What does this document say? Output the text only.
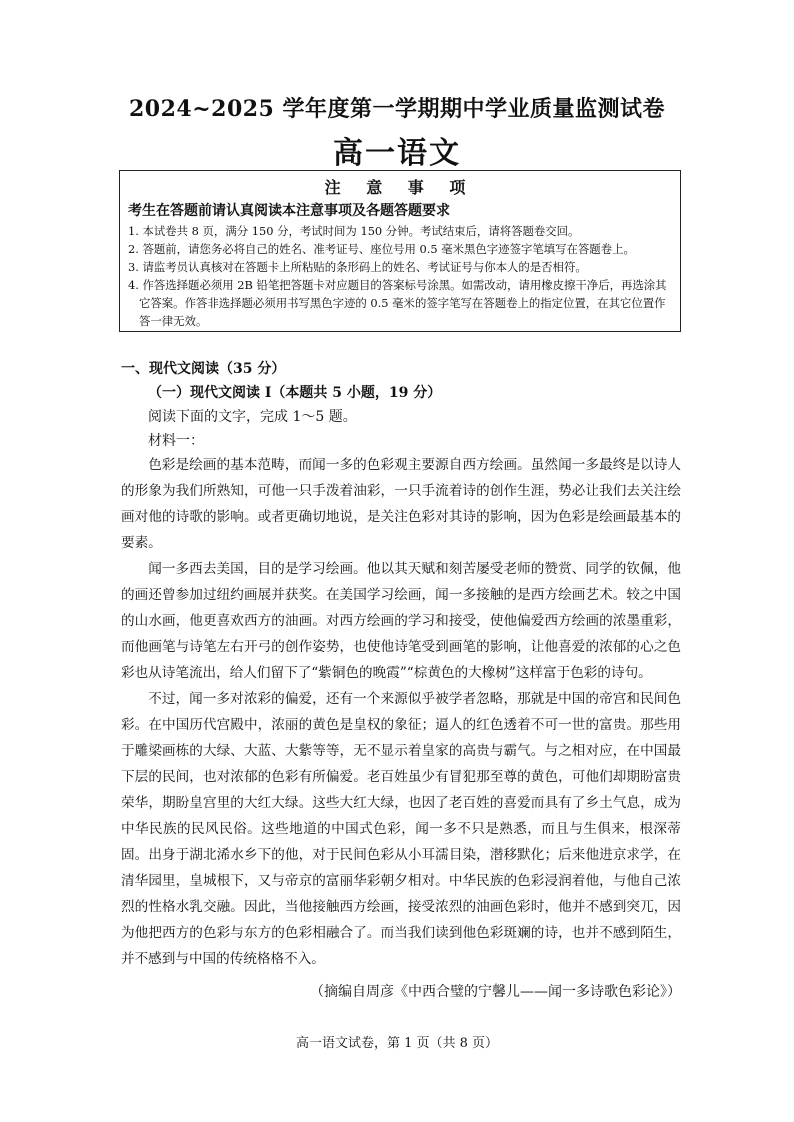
2024~2025 学年度第一学期期中学业质量监测试卷
高一语文
注 意 事 项
考生在答题前请认真阅读本注意事项及各题答题要求

1. 本试卷共 8 页，满分 150 分，考试时间为 150 分钟。考试结束后，请将答题卷交回。

2. 答题前，请您务必将自己的姓名、准考证号、座位号用 0.5 毫米黑色字迹签字笔填写在答题卷上。

3. 请监考员认真核对在答题卡上所粘贴的条形码上的姓名、考试证号与你本人的是否相符。

4. 作答选择题必须用 2B 铅笔把答题卡对应题目的答案标号涂黑。如需改动，请用橡皮擦干净后，再选涂其它答案。作答非选择题必须用书写黑色字迹的 0.5 毫米的签字笔写在答题卷上的指定位置，在其它位置作答一律无效。

一、现代文阅读（35 分）
（一）现代文阅读 I（本题共 5 小题，19 分）
阅读下面的文字，完成 1～5 题。
材料一：

色彩是绘画的基本范畴，而闻一多的色彩观主要源自西方绘画。虽然闻一多最终是以诗人的形象为我们所熟知，可他一只手泼着油彩，一只手流着诗的创作生涯，势必让我们去关注绘画对他的诗歌的影响。或者更确切地说，是关注色彩对其诗的影响，因为色彩是绘画最基本的要素。

闻一多西去美国，目的是学习绘画。他以其天赋和刻苦屡受老师的赞赏、同学的钦佩，他的画还曾参加过纽约画展并获奖。在美国学习绘画，闻一多接触的是西方绘画艺术。较之中国的山水画，他更喜欢西方的油画。对西方绘画的学习和接受，使他偏爱西方绘画的浓墨重彩，而他画笔与诗笔左右开弓的创作姿势，也使他诗笔受到画笔的影响，让他喜爱的浓郁的心之色彩也从诗笔流出，给人们留下了“紫铜色的晚霞”“棕黄色的大橡树”这样富于色彩的诗句。

不过，闻一多对浓彩的偏爱，还有一个来源似乎被学者忽略，那就是中国的帝宫和民间色彩。在中国历代宫殿中，浓丽的黄色是皇权的象征；逼人的红色透着不可一世的富贵。那些用于雕梁画栋的大绿、大蓝、大紫等等，无不显示着皇家的高贵与霸气。与之相对应，在中国最下层的民间，也对浓郁的色彩有所偏爱。老百姓虽少有冒犯那至尊的黄色，可他们却期盼富贵荣华，期盼皇宫里的大红大绿。这些大红大绿，也因了老百姓的喜爱而具有了乡土气息，成为中华民族的民风民俗。这些地道的中国式色彩，闻一多不只是熟悉，而且与生俱来，根深蒂固。出身于湖北浠水乡下的他，对于民间色彩从小耳濡目染，潜移默化；后来他进京求学，在清华园里，皇城根下，又与帝京的富丽华彩朝夕相对。中华民族的色彩浸润着他，与他自己浓烈的性格水乳交融。因此，当他接触西方绘画，接受浓烈的油画色彩时，他并不感到突兀，因为他把西方的色彩与东方的色彩相融合了。而当我们读到他色彩斑斓的诗，也并不感到陌生，并不感到与中国的传统格格不入。

（摘编自周彦《中西合璧的宁馨儿——闻一多诗歌色彩论》）
高一语文试卷，第 1 页（共 8 页）
